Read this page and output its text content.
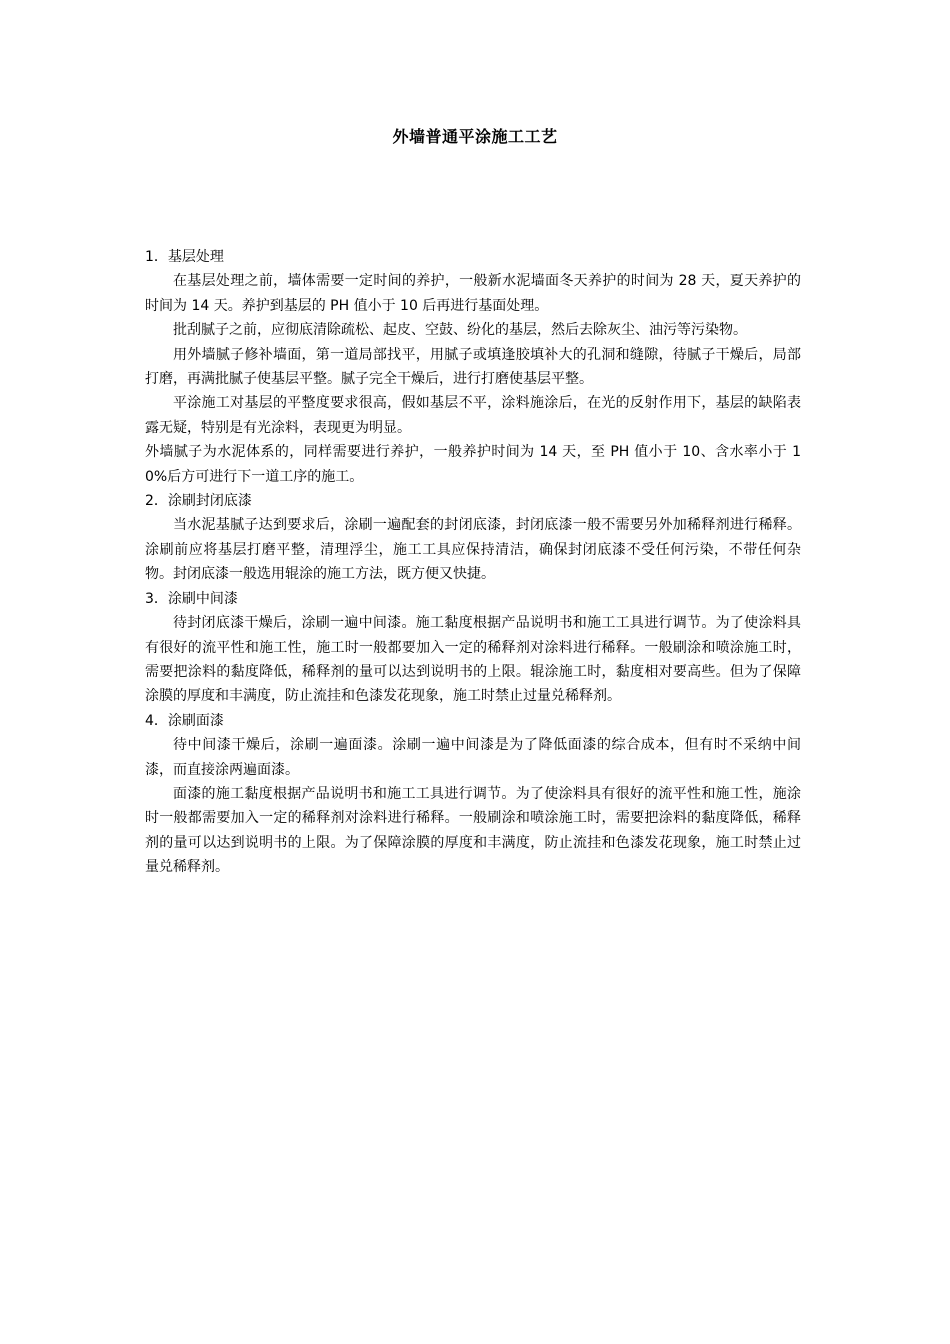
外墙普通平涂施工工艺

1．基层处理

在基层处理之前，墙体需要一定时间的养护，一般新水泥墙面冬天养护的时间为 28 天，夏天养护的时间为 14 天。养护到基层的 PH 值小于 10 后再进行基面处理。

批刮腻子之前，应彻底清除疏松、起皮、空鼓、纷化的基层，然后去除灰尘、油污等污染物。

用外墙腻子修补墙面，第一道局部找平，用腻子或填逢胶填补大的孔洞和缝隙，待腻子干燥后，局部打磨，再满批腻子使基层平整。腻子完全干燥后，进行打磨使基层平整。

平涂施工对基层的平整度要求很高，假如基层不平，涂料施涂后，在光的反射作用下，基层的缺陷表露无疑，特别是有光涂料，表现更为明显。

外墙腻子为水泥体系的，同样需要进行养护，一般养护时间为 14 天，至 PH 值小于 10、含水率小于 10%后方可进行下一道工序的施工。

2．涂刷封闭底漆

当水泥基腻子达到要求后，涂刷一遍配套的封闭底漆，封闭底漆一般不需要另外加稀释剂进行稀释。涂刷前应将基层打磨平整，清理浮尘，施工工具应保持清洁，确保封闭底漆不受任何污染，不带任何杂物。封闭底漆一般选用辊涂的施工方法，既方便又快捷。

3．涂刷中间漆

待封闭底漆干燥后，涂刷一遍中间漆。施工黏度根据产品说明书和施工工具进行调节。为了使涂料具有很好的流平性和施工性，施工时一般都要加入一定的稀释剂对涂料进行稀释。一般刷涂和喷涂施工时，需要把涂料的黏度降低，稀释剂的量可以达到说明书的上限。辊涂施工时，黏度相对要高些。但为了保障涂膜的厚度和丰满度，防止流挂和色漆发花现象，施工时禁止过量兑稀释剂。

4．涂刷面漆

待中间漆干燥后，涂刷一遍面漆。涂刷一遍中间漆是为了降低面漆的综合成本，但有时不采纳中间漆，而直接涂两遍面漆。

面漆的施工黏度根据产品说明书和施工工具进行调节。为了使涂料具有很好的流平性和施工性，施涂时一般都需要加入一定的稀释剂对涂料进行稀释。一般刷涂和喷涂施工时，需要把涂料的黏度降低，稀释剂的量可以达到说明书的上限。为了保障涂膜的厚度和丰满度，防止流挂和色漆发花现象，施工时禁止过量兑稀释剂。
